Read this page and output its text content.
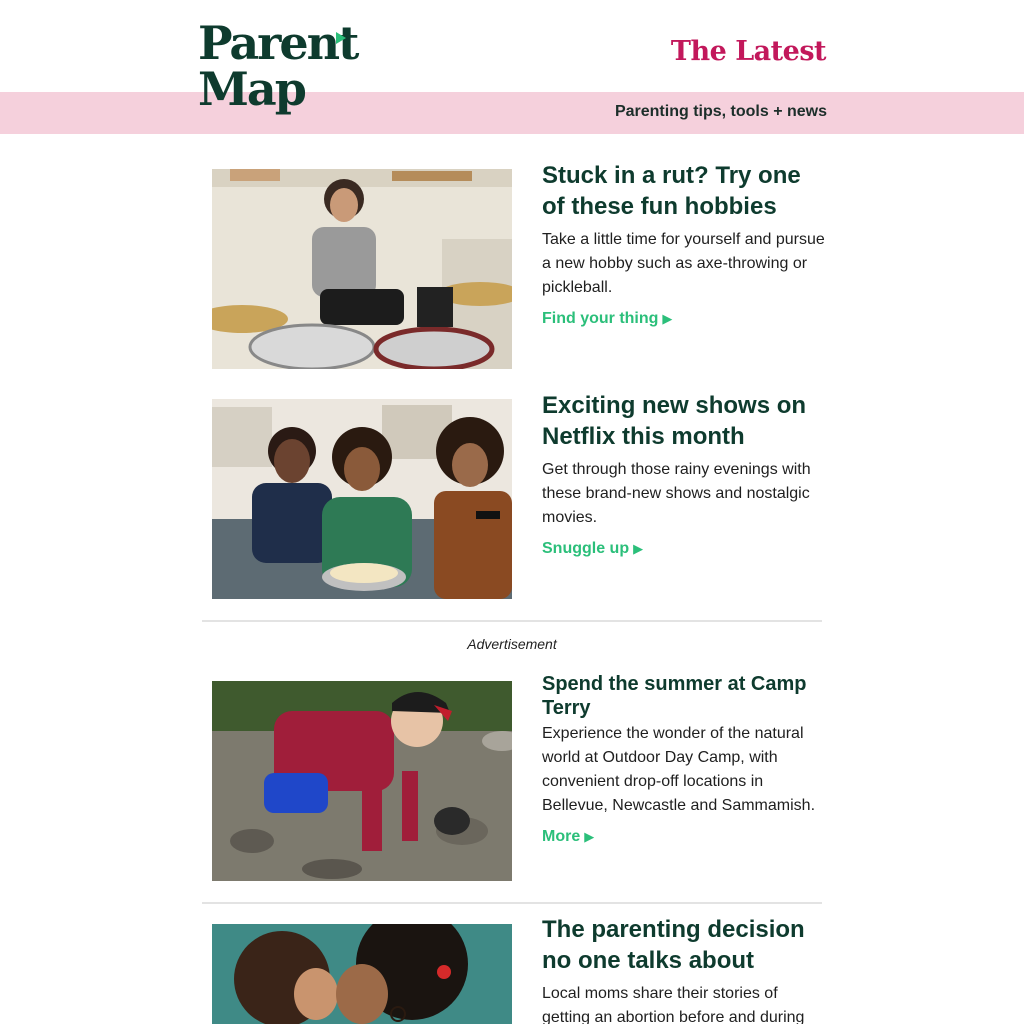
The Latest
Parent
Map	Parenting tips, tools + news
Stuck in a rut? Try one of these fun hobbies
Take a little time for yourself and pursue a new hobby such as axe-throwing or pickleball.
Find your thing ▶
Exciting new shows on Netflix this month
Get through those rainy evenings with these brand-new shows and nostalgic movies.
Snuggle up ▶
Advertisement
Spend the summer at Camp Terry
Experience the wonder of the natural world at Outdoor Day Camp, with convenient drop-off locations in Bellevue, Newcastle and Sammamish.
More ▶
The parenting decision no one talks about
Local moms share their stories of getting an abortion before and during
